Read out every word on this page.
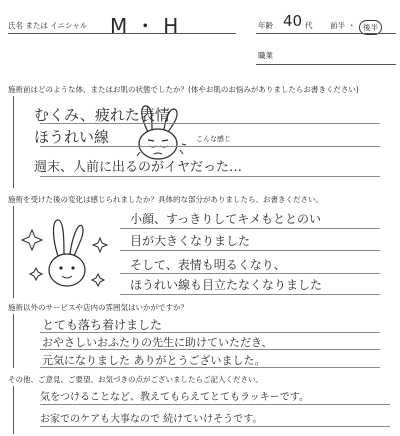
氏名 または イニシャル M・H	年齢 40 代 前半 ・	後半
職業
施術前はどのような体、またはお肌の状態でしたか？(体やお肌のお悩みがありましたらお書きください)
むくみ、疲れた表情
ほうれい線
週末、人前に出るのがイヤだった…
こんな感じ
施術を受けた後の変化は感じられましたか？具体的な部分がありましたら、お書きください。
小顔、すっきりしてキメもととのい
目が大きくなりました
そして、表情も明るくなり、
ほうれい線も目立たなくなりました
施術以外のサービスや店内の雰囲気はいかがですか？
とても落ち着けました
おやさしいおふたりの先生に助けていただき、
元気になりました ありがとうございました。
その他、ご意見、ご要望、お気づきの点がございましたらご記入ください。
気をつけることなど、教えてもらえてとてもラッキーです。
お家でのケアも大事なので 続けていけそうです。
